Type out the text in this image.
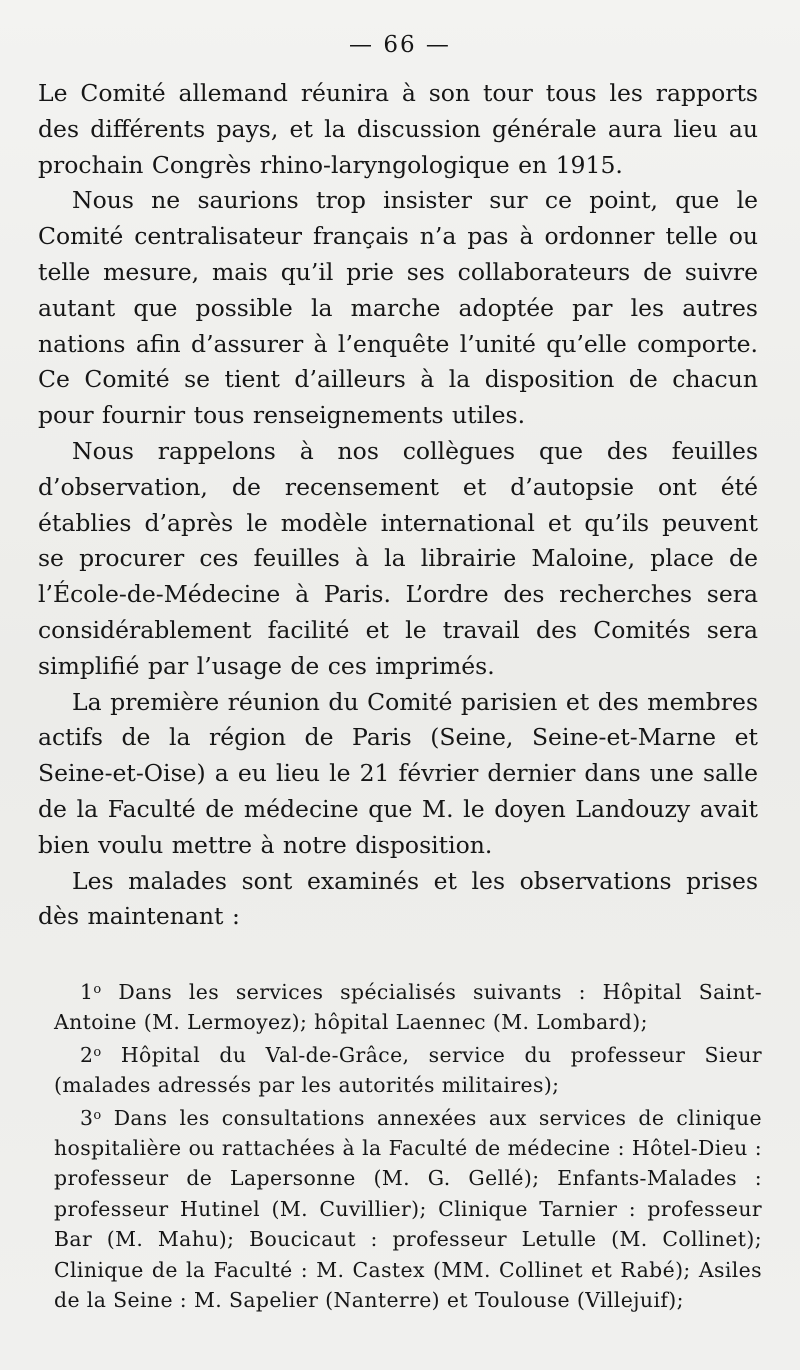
— 66 —

Le Comité allemand réunira à son tour tous les rapports des différents pays, et la discussion générale aura lieu au prochain Congrès rhino-laryngologique en 1915.

Nous ne saurions trop insister sur ce point, que le Comité centralisateur français n’a pas à ordonner telle ou telle mesure, mais qu’il prie ses collaborateurs de suivre autant que possible la marche adoptée par les autres nations afin d’assurer à l’enquête l’unité qu’elle comporte. Ce Comité se tient d’ailleurs à la disposition de chacun pour fournir tous renseignements utiles.

Nous rappelons à nos collègues que des feuilles d’observation, de recensement et d’autopsie ont été établies d’après le modèle international et qu’ils peuvent se procurer ces feuilles à la librairie Maloine, place de l’École-de-Médecine à Paris. L’ordre des recherches sera considérablement facilité et le travail des Comités sera simplifié par l’usage de ces imprimés.

La première réunion du Comité parisien et des membres actifs de la région de Paris (Seine, Seine-et-Marne et Seine-et-Oise) a eu lieu le 21 février dernier dans une salle de la Faculté de médecine que M. le doyen Landouzy avait bien voulu mettre à notre disposition.

Les malades sont examinés et les observations prises dès maintenant :

1$^o$ Dans les services spécialisés suivants : Hôpital Saint-Antoine (M. Lermoyez); hôpital Laennec (M. Lombard);

2$^o$ Hôpital du Val-de-Grâce, service du professeur Sieur (malades adressés par les autorités militaires);

3$^o$ Dans les consultations annexées aux services de clinique hospitalière ou rattachées à la Faculté de médecine : Hôtel-Dieu : professeur de Lapersonne (M. G. Gellé); Enfants-Malades : professeur Hutinel (M. Cuvillier); Clinique Tarnier : professeur Bar (M. Mahu); Boucicaut : professeur Letulle (M. Collinet); Clinique de la Faculté : M. Castex (MM. Collinet et Rabé); Asiles de la Seine : M. Sapelier (Nanterre) et Toulouse (Villejuif);
